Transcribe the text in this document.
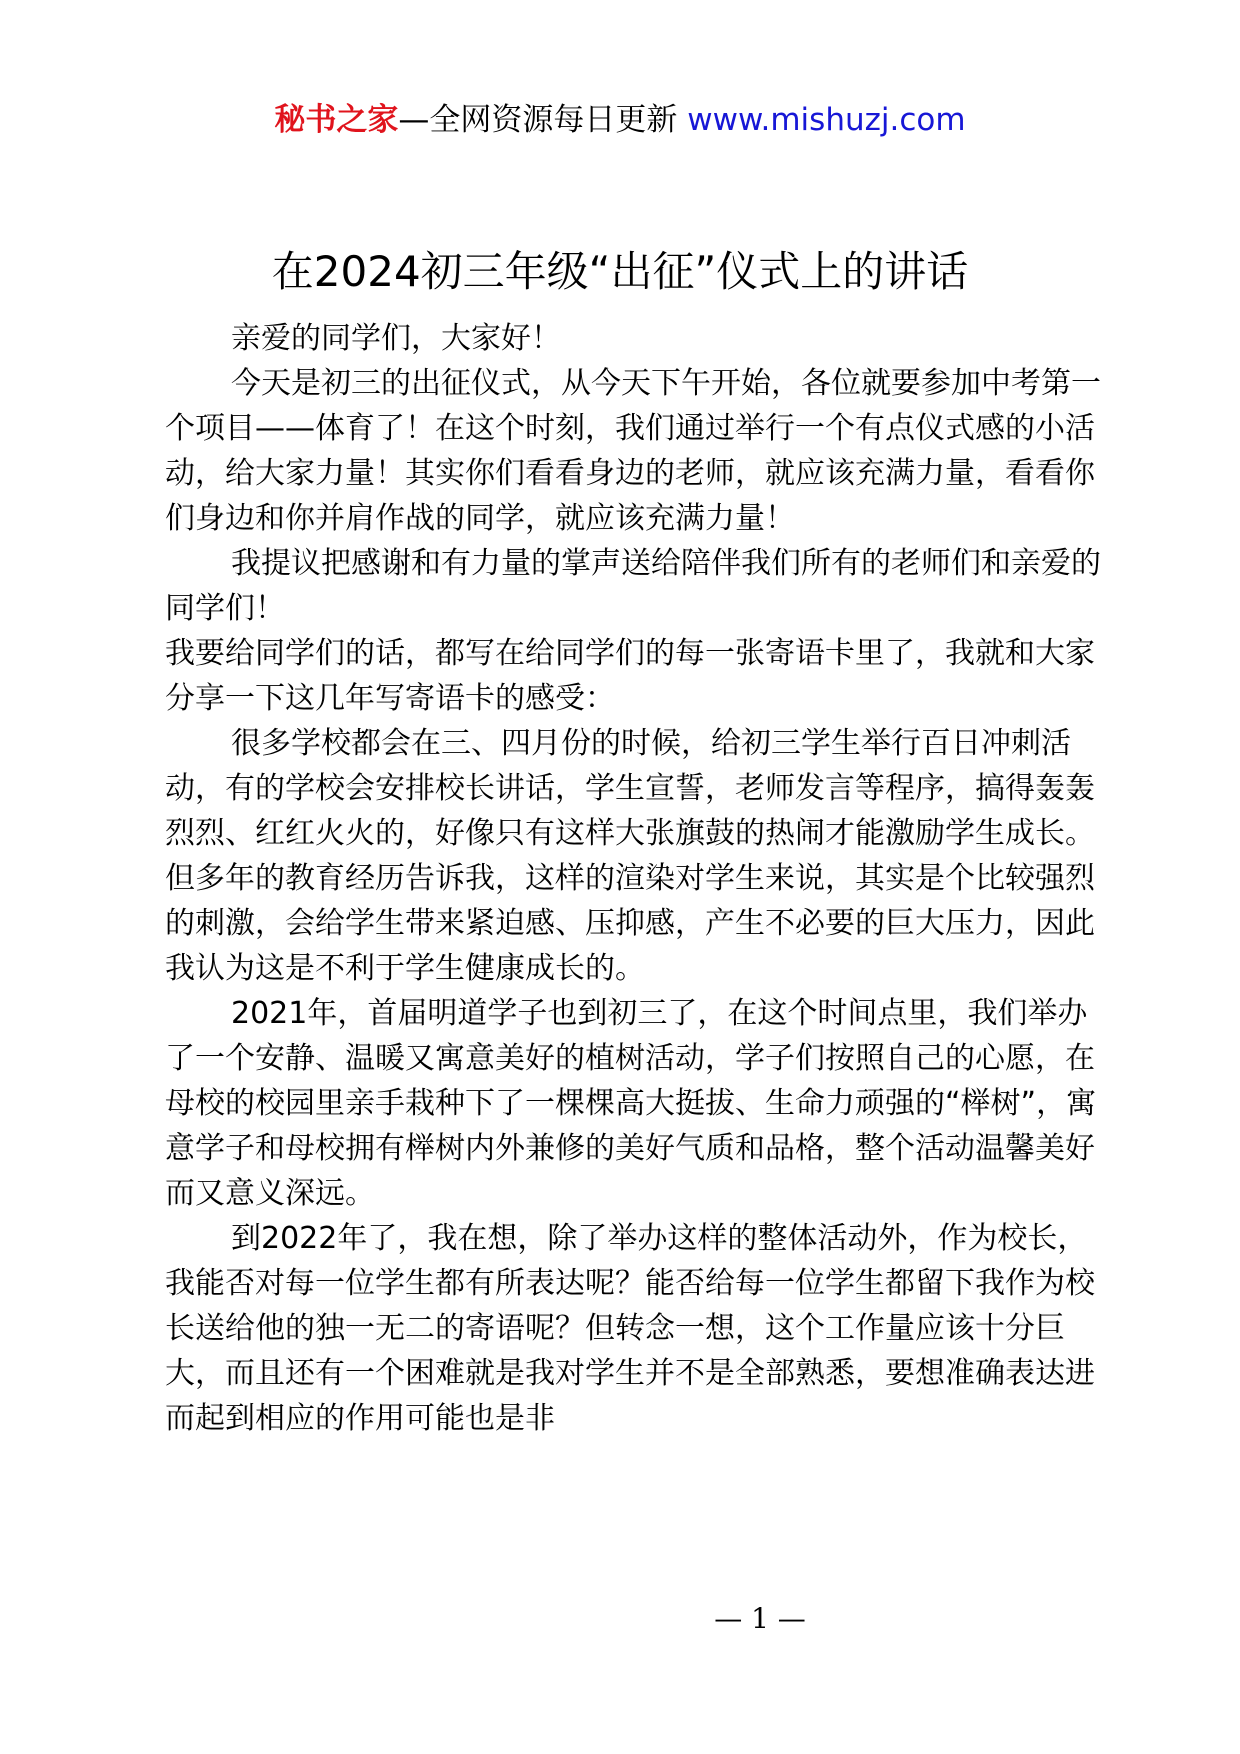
秘书之家—全网资源每日更新 www.mishuzj.com
在2024初三年级“出征”仪式上的讲话

亲爱的同学们，大家好！

今天是初三的出征仪式，从今天下午开始，各位就要参加中考第一个项目——体育了！在这个时刻，我们通过举行一个有点仪式感的小活动，给大家力量！其实你们看看身边的老师，就应该充满力量，看看你们身边和你并肩作战的同学，就应该充满力量！

我提议把感谢和有力量的掌声送给陪伴我们所有的老师们和亲爱的同学们！

我要给同学们的话，都写在给同学们的每一张寄语卡里了，我就和大家分享一下这几年写寄语卡的感受：

很多学校都会在三、四月份的时候，给初三学生举行百日冲刺活动，有的学校会安排校长讲话，学生宣誓，老师发言等程序，搞得轰轰烈烈、红红火火的，好像只有这样大张旗鼓的热闹才能激励学生成长。但多年的教育经历告诉我，这样的渲染对学生来说，其实是个比较强烈的刺激，会给学生带来紧迫感、压抑感，产生不必要的巨大压力，因此我认为这是不利于学生健康成长的。

2021年，首届明道学子也到初三了，在这个时间点里，我们举办了一个安静、温暖又寓意美好的植树活动，学子们按照自己的心愿，在母校的校园里亲手栽种下了一棵棵高大挺拔、生命力顽强的“榉树”，寓意学子和母校拥有榉树内外兼修的美好气质和品格，整个活动温馨美好而又意义深远。

到2022年了，我在想，除了举办这样的整体活动外，作为校长，我能否对每一位学生都有所表达呢？能否给每一位学生都留下我作为校长送给他的独一无二的寄语呢？但转念一想，这个工作量应该十分巨大，而且还有一个困难就是我对学生并不是全部熟悉，要想准确表达进而起到相应的作用可能也是非

— 1 —
